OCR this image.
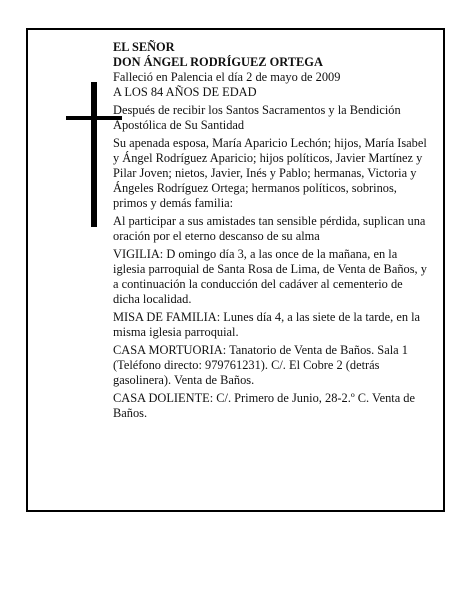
EL SEÑOR
DON ÁNGEL RODRÍGUEZ ORTEGA
Falleció en Palencia el día 2 de mayo de 2009

A LOS 84 AÑOS DE EDAD

Después de recibir los Santos Sacramentos y la Bendición Apostólica de Su Santidad

Su apenada esposa, María Aparicio Lechón; hijos, María Isabel y Ángel Rodríguez Aparicio; hijos políticos, Javier Martínez y Pilar Joven; nietos, Javier, Inés y Pablo; hermanas, Victoria y Ángeles Rodríguez Ortega; hermanos políticos, sobrinos, primos y demás familia:

Al participar a sus amistades tan sensible pérdida, suplican una oración por el eterno descanso de su alma

VIGILIA: D omingo día 3, a las once de la mañana, en la iglesia parroquial de Santa Rosa de Lima, de Venta de Baños, y a continuación la conducción del cadáver al cementerio de dicha localidad.

MISA DE FAMILIA: Lunes día 4, a las siete de la tarde, en la misma iglesia parroquial.

CASA MORTUORIA: Tanatorio de Venta de Baños. Sala 1 (Teléfono directo: 979761231). C/. El Cobre 2 (detrás gasolinera). Venta de Baños.

CASA DOLIENTE: C/. Primero de Junio, 28-2.º C. Venta de Baños.
